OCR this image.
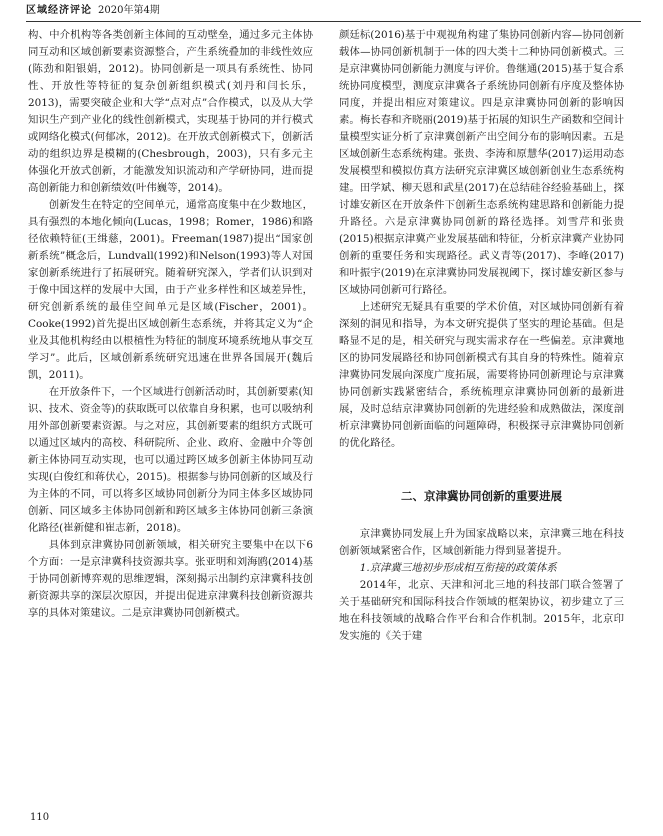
区域经济评论 2020年第4期

构、中介机构等各类创新主体间的互动壁垒，通过多元主体协同互动和区域创新要素资源整合，产生系统叠加的非线性效应(陈劲和阳银娟，2012)。协同创新是一项具有系统性、协同性、开放性等特征的复杂创新组织模式(刘丹和闫长乐，2013)，需要突破企业和大学“点对点”合作模式，以及从大学知识生产到产业化的线性创新模式，实现基于协同的并行模式或网络化模式(何郁冰，2012)。在开放式创新模式下，创新活动的组织边界是模糊的(Chesbrough，2003)，只有多元主体强化开放式创新，才能激发知识流动和产学研协同，进而提高创新能力和创新绩效(叶伟巍等，2014)。

创新发生在特定的空间单元，通常高度集中在少数地区，具有强烈的本地化倾向(Lucas，1998；Romer，1986)和路径依赖特征(王缉慈，2001)。Freeman(1987)提出“国家创新系统”概念后，Lundvall(1992)和Nelson(1993)等人对国家创新系统进行了拓展研究。随着研究深入，学者们认识到对于像中国这样的发展中大国，由于产业多样性和区域差异性，研究创新系统的最佳空间单元是区域(Fischer，2001)。Cooke(1992)首先提出区域创新生态系统，并将其定义为“企业及其他机构经由以根植性为特征的制度环境系统地从事交互学习”。此后，区域创新系统研究迅速在世界各国展开(魏后凯，2011)。

在开放条件下，一个区域进行创新活动时，其创新要素(知识、技术、资金等)的获取既可以依靠自身积累，也可以吸纳利用外部创新要素资源。与之对应，其创新要素的组织方式既可以通过区域内的高校、科研院所、企业、政府、金融中介等创新主体协同互动实现，也可以通过跨区域多创新主体协同互动实现(白俊红和蒋伏心，2015)。根据参与协同创新的区域及行为主体的不同，可以将多区域协同创新分为同主体多区域协同创新、同区域多主体协同创新和跨区域多主体协同创新三条演化路径(崔新健和崔志新，2018)。

具体到京津冀协同创新领域，相关研究主要集中在以下6个方面：一是京津冀科技资源共享。张亚明和刘海鸥(2014)基于协同创新博弈观的思维逻辑，深刻揭示出制约京津冀科技创新资源共享的深层次原因，并提出促进京津冀科技创新资源共享的具体对策建议。二是京津冀协同创新模式。

颜廷标(2016)基于中观视角构建了集协同创新内容—协同创新载体—协同创新机制于一体的四大类十二种协同创新模式。三是京津冀协同创新能力测度与评价。鲁继通(2015)基于复合系统协同度模型，测度京津冀各子系统协同创新有序度及整体协同度，并提出相应对策建议。四是京津冀协同创新的影响因素。梅长春和齐晓丽(2019)基于拓展的知识生产函数和空间计量模型实证分析了京津冀创新产出空间分布的影响因素。五是区域创新生态系统构建。张贵、李涛和原慧华(2017)运用动态发展模型和模拟仿真方法研究京津冀区域创新创业生态系统构建。田学斌、柳天恩和武星(2017)在总结硅谷经验基础上，探讨雄安新区在开放条件下创新生态系统构建思路和创新能力提升路径。六是京津冀协同创新的路径选择。刘雪芹和张贵(2015)根据京津冀产业发展基础和特征，分析京津冀产业协同创新的重要任务和实现路径。武义青等(2017)、李峰(2017)和叶振宇(2019)在京津冀协同发展视阈下，探讨雄安新区参与区域协同创新可行路径。

上述研究无疑具有重要的学术价值，对区域协同创新有着深刻的洞见和指导，为本文研究提供了坚实的理论基础。但是略显不足的是，相关研究与现实需求存在一些偏差。京津冀地区的协同发展路径和协同创新模式有其自身的特殊性。随着京津冀协同发展向深度广度拓展，需要将协同创新理论与京津冀协同创新实践紧密结合，系统梳理京津冀协同创新的最新进展，及时总结京津冀协同创新的先进经验和成熟做法，深度剖析京津冀协同创新面临的问题障碍，积极探寻京津冀协同创新的优化路径。

二、京津冀协同创新的重要进展

京津冀协同发展上升为国家战略以来，京津冀三地在科技创新领域紧密合作，区域创新能力得到显著提升。

1.京津冀三地初步形成相互衔接的政策体系

2014年，北京、天津和河北三地的科技部门联合签署了关于基础研究和国际科技合作领域的框架协议，初步建立了三地在科技领域的战略合作平台和合作机制。2015年，北京印发实施的《关于建

110
